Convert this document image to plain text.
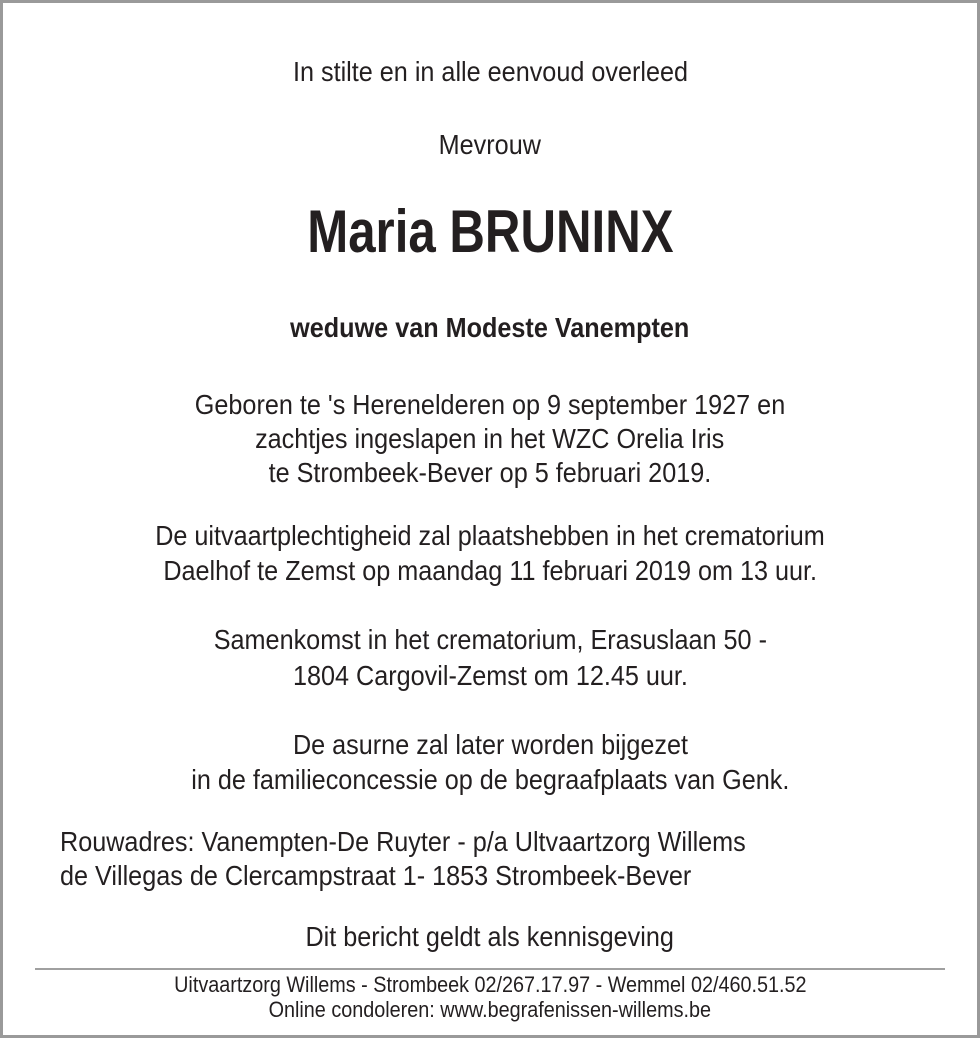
In stilte en in alle eenvoud overleed
Mevrouw
Maria BRUNINX
weduwe van Modeste Vanempten
Geboren te 's Herenelderen op 9 september 1927 en
zachtjes ingeslapen in het WZC Orelia Iris
te Strombeek-Bever op 5 februari 2019.
De uitvaartplechtigheid zal plaatshebben in het crematorium
Daelhof te Zemst op maandag 11 februari 2019 om 13 uur.
Samenkomst in het crematorium, Erasuslaan 50 -
1804 Cargovil-Zemst om 12.45 uur.
De asurne zal later worden bijgezet
in de familieconcessie op de begraafplaats van Genk.
Rouwadres: Vanempten-De Ruyter - p/a Ultvaartzorg Willems
de Villegas de Clercampstraat 1- 1853 Strombeek-Bever
Dit bericht geldt als kennisgeving
Uitvaartzorg Willems - Strombeek 02/267.17.97 - Wemmel 02/460.51.52
Online condoleren: www.begrafenissen-willems.be
